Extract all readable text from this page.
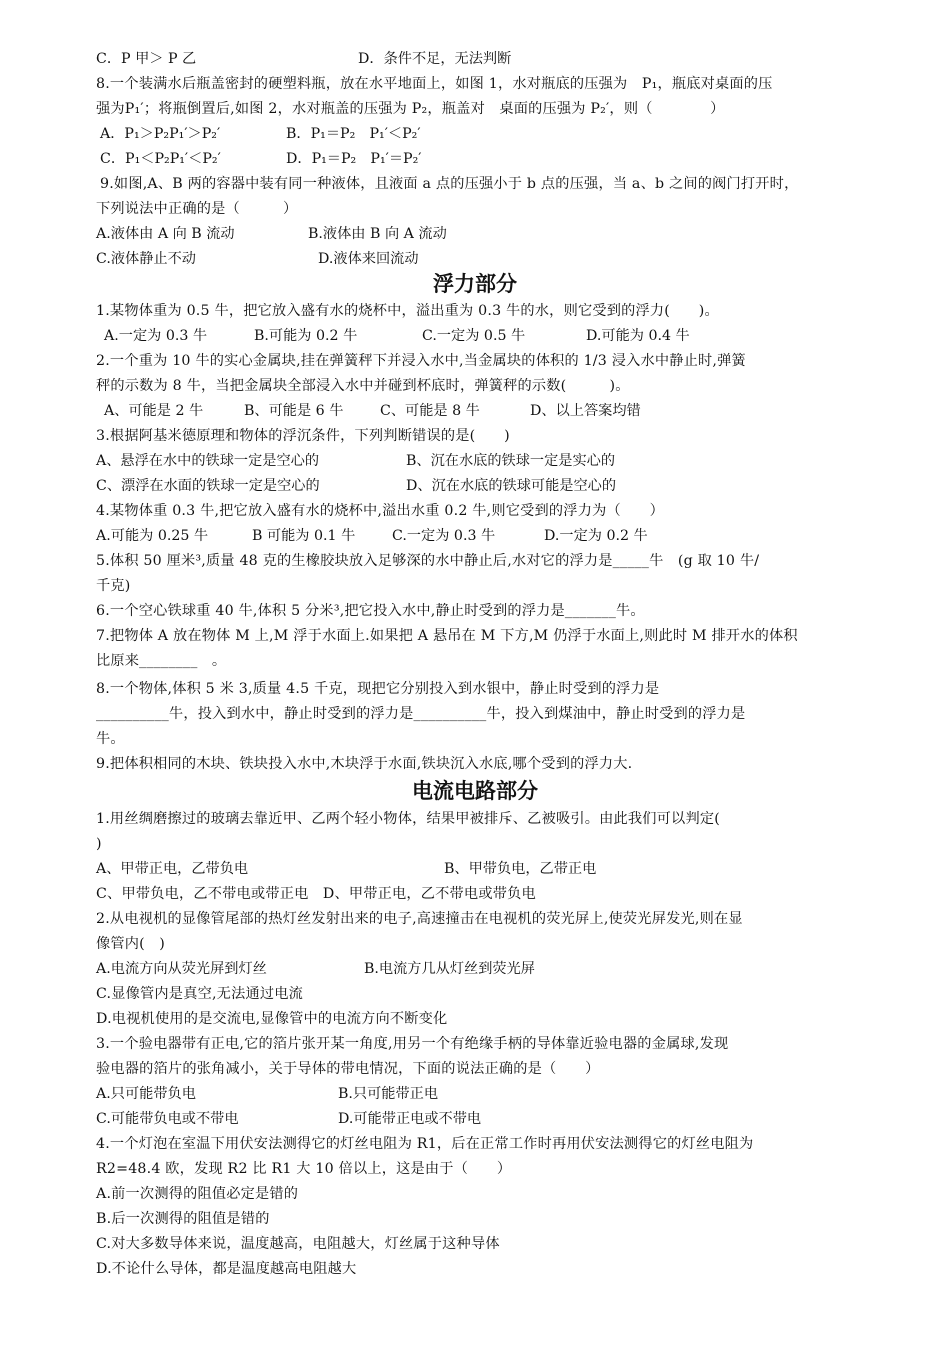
C．P 甲＞ P 乙	D．条件不足，无法判断
8.一个装满水后瓶盖密封的硬塑料瓶，放在水平地面上，如图 1，水对瓶底的压强为　P₁，瓶底对桌面的压
强为P₁′；将瓶倒置后,如图 2，水对瓶盖的压强为 P₂，瓶盖对　桌面的压强为 P₂′，则（　　　　）
A．P₁＞P₂P₁′＞P₂′	B．P₁＝P₂　P₁′＜P₂′
C．P₁＜P₂P₁′＜P₂′	D．P₁＝P₂　P₁′＝P₂′
9.如图,A、B 两的容器中装有同一种液体，且液面 a 点的压强小于 b 点的压强，当 a、b 之间的阀门打开时，
下列说法中正确的是（　　　）
A.液体由 A 向 B 流动	B.液体由 B 向 A 流动
C.液体静止不动	D.液体来回流动
浮力部分
1.某物体重为 0.5 牛，把它放入盛有水的烧杯中，溢出重为 0.3 牛的水，则它受到的浮力(　　)。
A.一定为 0.3 牛	B.可能为 0.2 牛	C.一定为 0.5 牛	D.可能为 0.4 牛
2.一个重为 10 牛的实心金属块,挂在弹簧秤下并浸入水中,当金属块的体积的 1/3 浸入水中静止时,弹簧
秤的示数为 8 牛，当把金属块全部浸入水中并碰到杯底时，弹簧秤的示数(　　　)。
A、可能是 2 牛	B、可能是 6 牛	C、可能是 8 牛	D、以上答案均错
3.根据阿基米德原理和物体的浮沉条件，下列判断错误的是(　　)
A、悬浮在水中的铁球一定是空心的	B、沉在水底的铁球一定是实心的
C、漂浮在水面的铁球一定是空心的	D、沉在水底的铁球可能是空心的
4.某物体重 0.3 牛,把它放入盛有水的烧杯中,溢出水重 0.2 牛,则它受到的浮力为（　　）
A.可能为 0.25 牛	B 可能为 0.1 牛	C.一定为 0.3 牛	D.一定为 0.2 牛
5.体积 50 厘米³,质量 48 克的生橡胶块放入足够深的水中静止后,水对它的浮力是_____牛　(g 取 10 牛/
千克)
6.一个空心铁球重 40 牛,体积 5 分米³,把它投入水中,静止时受到的浮力是_______牛。
7.把物体 A 放在物体 M 上,M 浮于水面上.如果把 A 悬吊在 M 下方,M 仍浮于水面上,则此时 M 排开水的体积
比原来________　。
8.一个物体,体积 5 米 3,质量 4.5 千克，现把它分别投入到水银中，静止时受到的浮力是
__________牛，投入到水中，静止时受到的浮力是__________牛，投入到煤油中，静止时受到的浮力是
牛。
9.把体积相同的木块、铁块投入水中,木块浮于水面,铁块沉入水底,哪个受到的浮力大.
电流电路部分
1.用丝绸磨擦过的玻璃去靠近甲、乙两个轻小物体，结果甲被排斥、乙被吸引。由此我们可以判定(
)
A、甲带正电，乙带负电	B、甲带负电，乙带正电
C、甲带负电，乙不带电或带正电　D、甲带正电，乙不带电或带负电
2.从电视机的显像管尾部的热灯丝发射出来的电子,高速撞击在电视机的荧光屏上,使荧光屏发光,则在显
像管内(　)
A.电流方向从荧光屏到灯丝	B.电流方几从灯丝到荧光屏
C.显像管内是真空,无法通过电流
D.电视机使用的是交流电,显像管中的电流方向不断变化
3.一个验电器带有正电,它的箔片张开某一角度,用另一个有绝缘手柄的导体靠近验电器的金属球,发现
验电器的箔片的张角减小，关于导体的带电情况，下面的说法正确的是（　　）
A.只可能带负电	B.只可能带正电
C.可能带负电或不带电	D.可能带正电或不带电
4.一个灯泡在室温下用伏安法测得它的灯丝电阻为 R1，后在正常工作时再用伏安法测得它的灯丝电阻为
R2=48.4 欧，发现 R2 比 R1 大 10 倍以上，这是由于（　　）
A.前一次测得的阻值必定是错的
B.后一次测得的阻值是错的
C.对大多数导体来说，温度越高，电阻越大，灯丝属于这种导体
D.不论什么导体，都是温度越高电阻越大
